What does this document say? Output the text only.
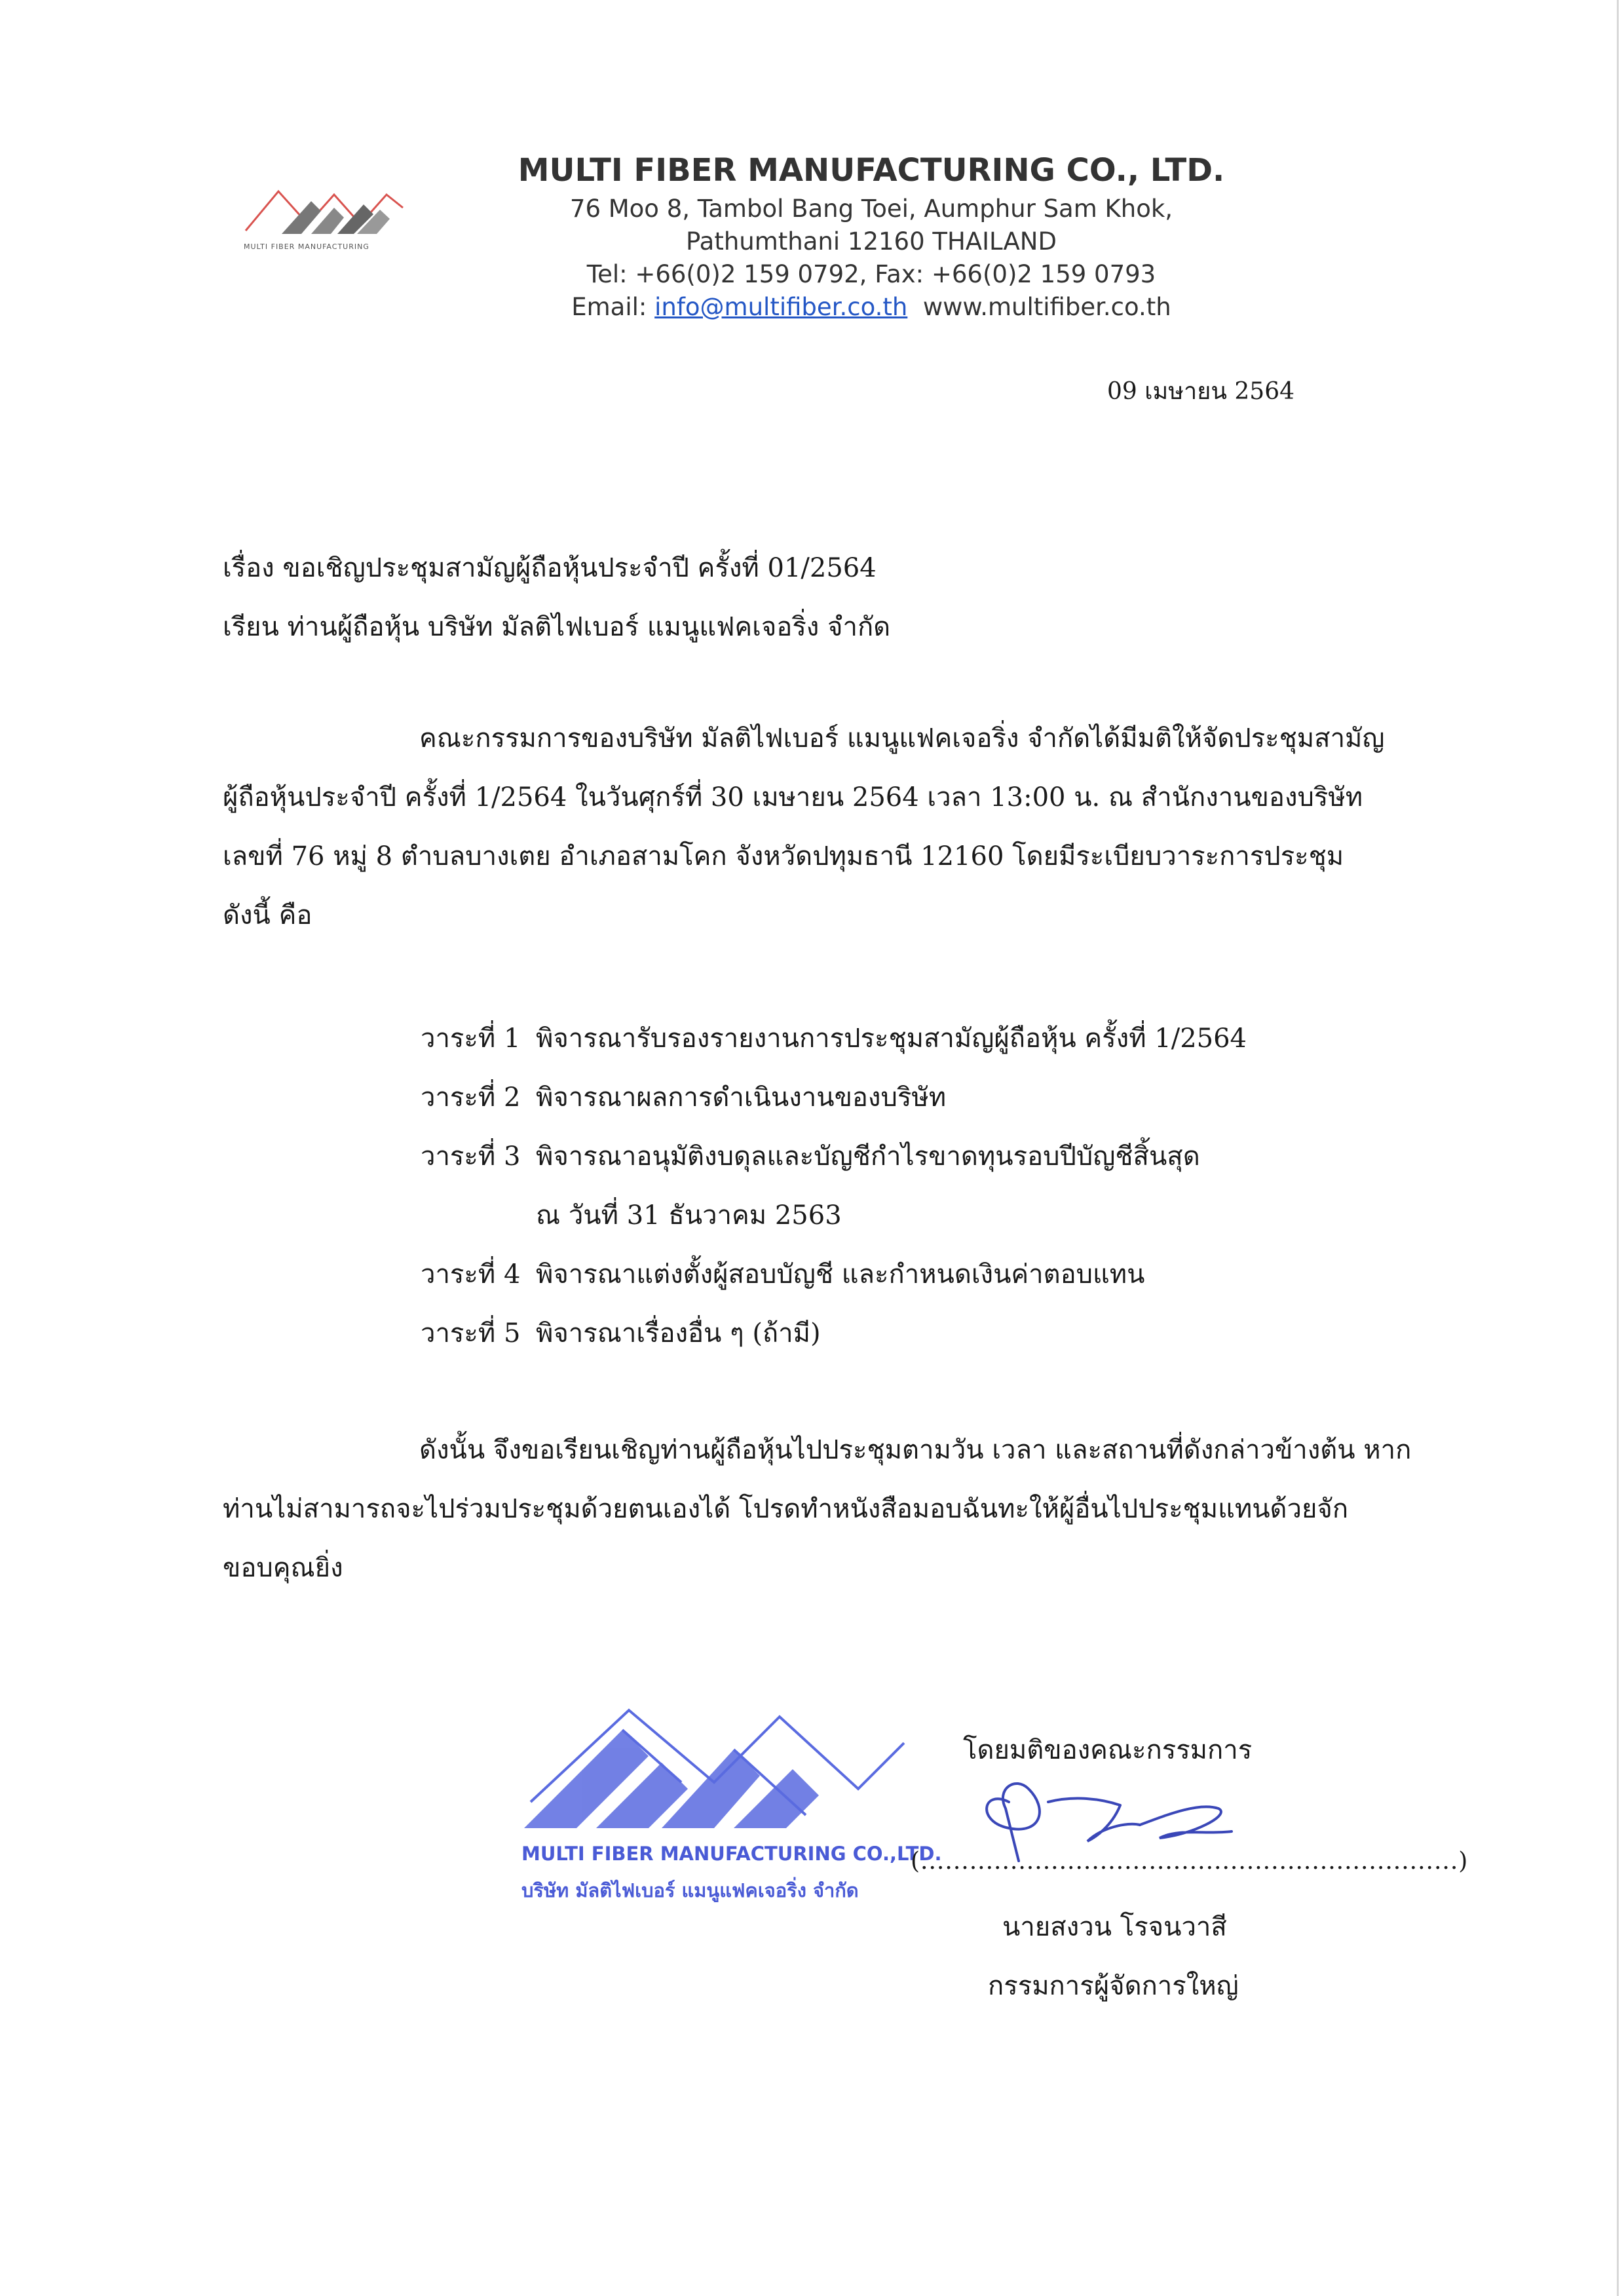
MULTI FIBER MANUFACTURING
MULTI FIBER MANUFACTURING CO., LTD.
76 Moo 8, Tambol Bang Toei, Aumphur Sam Khok,
Pathumthani 12160 THAILAND
Tel: +66(0)2 159 0792, Fax: +66(0)2 159 0793
Email: info@multifiber.co.th www.multifiber.co.th
09 เมษายน 2564
เรื่อง ขอเชิญประชุมสามัญผู้ถือหุ้นประจำปี ครั้งที่ 01/2564
เรียน ท่านผู้ถือหุ้น บริษัท มัลติไฟเบอร์ แมนูแฟคเจอริ่ง จำกัด
คณะกรรมการของบริษัท มัลติไฟเบอร์ แมนูแฟคเจอริ่ง จำกัดได้มีมติให้จัดประชุมสามัญ
ผู้ถือหุ้นประจำปี ครั้งที่ 1/2564 ในวันศุกร์ที่ 30 เมษายน 2564 เวลา 13:00 น. ณ สำนักงานของบริษัท
เลขที่ 76 หมู่ 8 ตำบลบางเตย อำเภอสามโคก จังหวัดปทุมธานี 12160 โดยมีระเบียบวาระการประชุม
ดังนี้ คือ
วาระที่ 1 พิจารณารับรองรายงานการประชุมสามัญผู้ถือหุ้น ครั้งที่ 1/2564
วาระที่ 2 พิจารณาผลการดำเนินงานของบริษัท
วาระที่ 3 พิจารณาอนุมัติงบดุลและบัญชีกำไรขาดทุนรอบปีบัญชีสิ้นสุด
ณ วันที่ 31 ธันวาคม 2563
วาระที่ 4 พิจารณาแต่งตั้งผู้สอบบัญชี และกำหนดเงินค่าตอบแทน
วาระที่ 5 พิจารณาเรื่องอื่น ๆ (ถ้ามี)
ดังนั้น จึงขอเรียนเชิญท่านผู้ถือหุ้นไปประชุมตามวัน เวลา และสถานที่ดังกล่าวข้างต้น หาก
ท่านไม่สามารถจะไปร่วมประชุมด้วยตนเองได้ โปรดทำหนังสือมอบฉันทะให้ผู้อื่นไปประชุมแทนด้วยจัก
ขอบคุณยิ่ง
MULTI FIBER MANUFACTURING CO.,LTD.
บริษัท มัลติไฟเบอร์ แมนูแฟคเจอริ่ง จำกัด
โดยมติของคณะกรรมการ
(..................................................................)
นายสงวน โรจนวาสี
กรรมการผู้จัดการใหญ่
